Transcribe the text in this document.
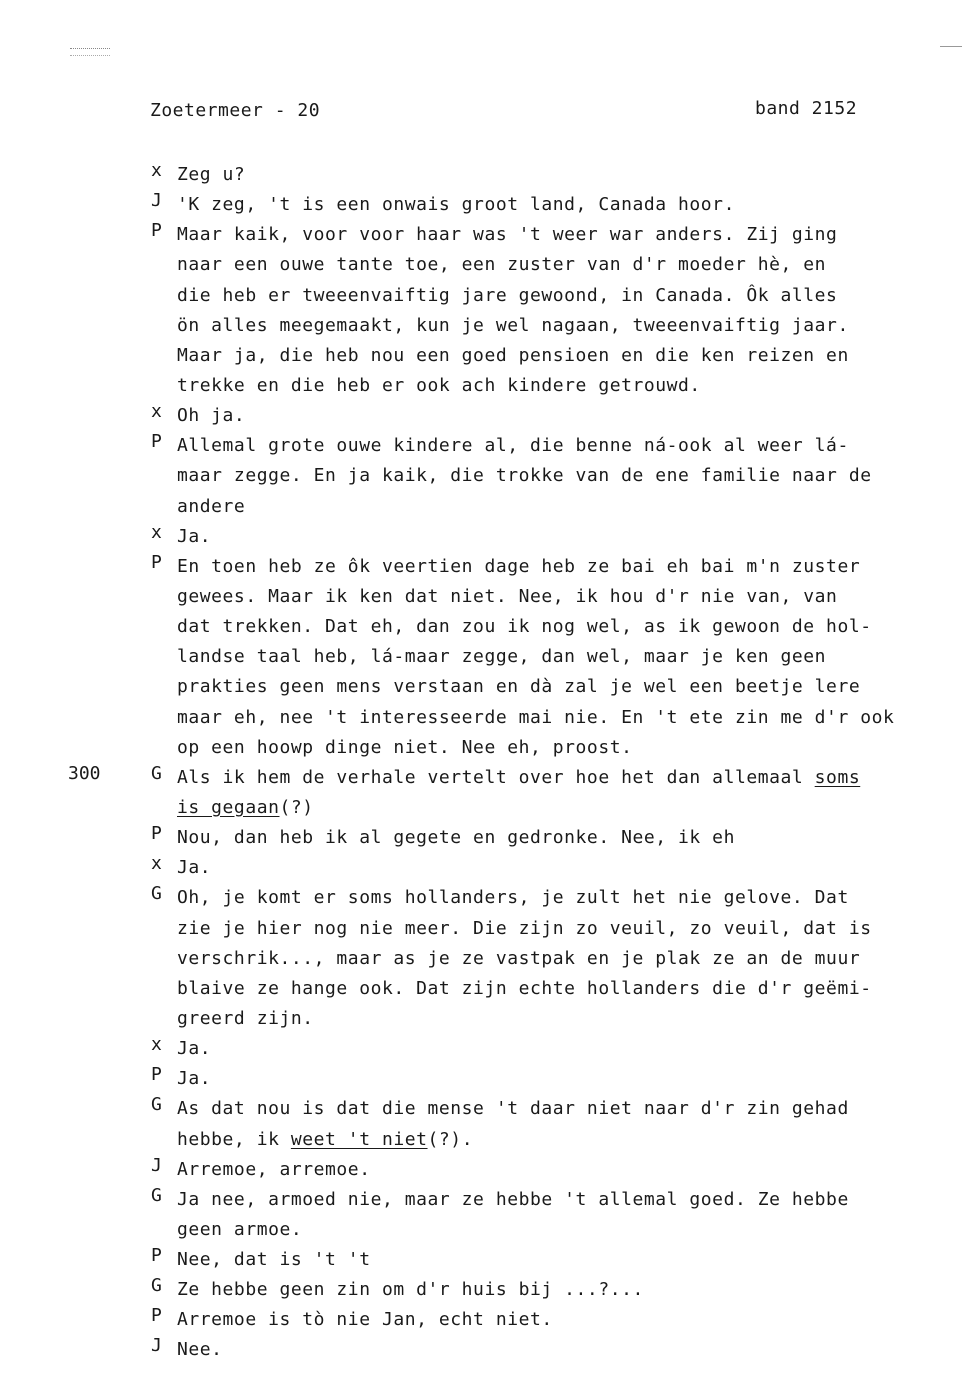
Zoetermeer - 20	band 2152
x Zeg u?
J 'K zeg, 't is een onwais groot land, Canada hoor.
P Maar kaik, voor voor haar was 't weer war anders. Zij ging
naar een ouwe tante toe, een zuster van d'r moeder hè, en
die heb er tweeenvaiftig jare gewoond, in Canada. Ôk alles
ön alles meegemaakt, kun je wel nagaan, tweeenvaiftig jaar.
Maar ja, die heb nou een goed pensioen en die ken reizen en
trekke en die heb er ook ach kindere getrouwd.
x Oh ja.
P Allemal grote ouwe kindere al, die benne ná-ook al weer lá-
maar zegge. En ja kaik, die trokke van de ene familie naar de
andere
x Ja.
P En toen heb ze ôk veertien dage heb ze bai eh bai m'n zuster
gewees. Maar ik ken dat niet. Nee, ik hou d'r nie van, van
dat trekken. Dat eh, dan zou ik nog wel, as ik gewoon de hol-
landse taal heb, lá-maar zegge, dan wel, maar je ken geen
prakties geen mens verstaan en dà zal je wel een beetje lere
maar eh, nee 't interesseerde mai nie. En 't ete zin me d'r ook
op een hoowp dinge niet. Nee eh, proost.
300	G Als ik hem de verhale vertelt over hoe het dan allemaal soms
is gegaan(?)
P Nou, dan heb ik al gegete en gedronke. Nee, ik eh
x Ja.
G Oh, je komt er soms hollanders, je zult het nie gelove. Dat
zie je hier nog nie meer. Die zijn zo veuil, zo veuil, dat is
verschrik..., maar as je ze vastpak en je plak ze an de muur
blaive ze hange ook. Dat zijn echte hollanders die d'r geëmi-
greerd zijn.
x Ja.
P Ja.
G As dat nou is dat die mense 't daar niet naar d'r zin gehad
hebbe, ik weet 't niet(?).
J Arremoe, arremoe.
G Ja nee, armoed nie, maar ze hebbe 't allemal goed. Ze hebbe
geen armoe.
P Nee, dat is 't 't
G Ze hebbe geen zin om d'r huis bij ...?...
P Arremoe is tò nie Jan, echt niet.
J Nee.
